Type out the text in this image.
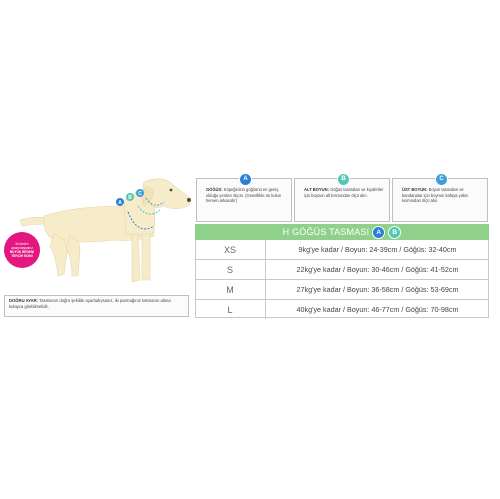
A
B
C
İki beden
arasındaysanız
BÜYÜK BEDENİ
TERCİH EDİNİ
DOĞRU AYAR: Tasmanızı doğru şekilde ayarladıysanız, iki parmağınız tasmanın altına kolayca girebilmelidir.
A
GÖĞÜS: Köpeğinizin göğsünü en geniş olduğu yerden ölçün. (Genellikle ön kolun hemen arkasıdır)
B
ALT BOYUN: Göğüs tasmaları ve kıyafetler için boynun alt kısmından ölçü alın.
C
ÜST BOYUN: Boyun tasmaları ve bandanalar için boynun kafaya yakın kısmından ölçü alın.
H GÖĞÜS TASMASI	A	B
XS	9kg'ye kadar / Boyun: 24-39cm / Göğüs: 32-40cm
S	22kg'ye kadar / Boyun: 30-46cm / Göğüs: 41-52cm
M	27kg'ye kadar / Boyun: 36-58cm / Göğüs: 53-69cm
L	40kg'ye kadar / Boyun: 46-77cm / Göğüs: 70-98cm
